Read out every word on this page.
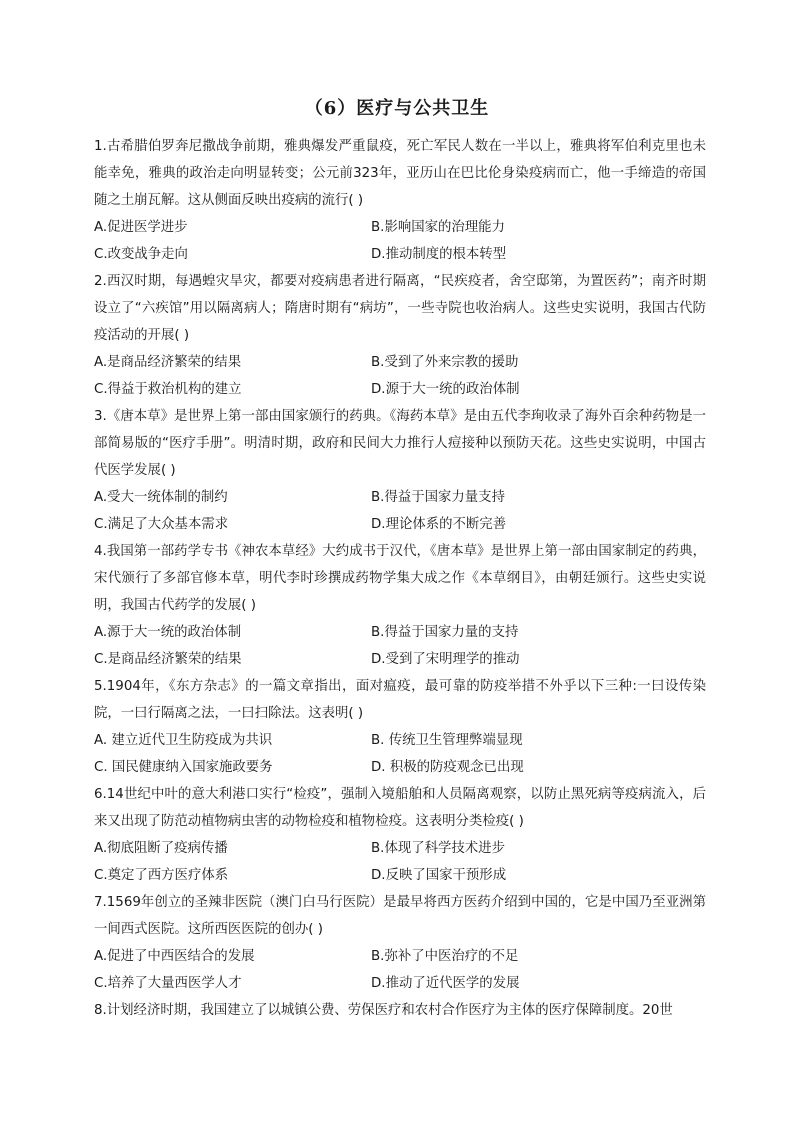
（6）医疗与公共卫生

1.古希腊伯罗奔尼撒战争前期，雅典爆发严重鼠疫，死亡军民人数在一半以上，雅典将军伯利克里也未能幸免，雅典的政治走向明显转变；公元前323年，亚历山在巴比伦身染疫病而亡，他一手缔造的帝国随之土崩瓦解。这从侧面反映出疫病的流行( )

A.促进医学进步	B.影响国家的治理能力
C.改变战争走向	D.推动制度的根本转型

2.西汉时期，每遇蝗灾旱灾，都要对疫病患者进行隔离，“民疾疫者，舍空邸第，为置医药”；南齐时期设立了“六疾馆”用以隔离病人；隋唐时期有“病坊”，一些寺院也收治病人。这些史实说明，我国古代防疫活动的开展( )

A.是商品经济繁荣的结果	B.受到了外来宗教的援助
C.得益于救治机构的建立	D.源于大一统的政治体制

3.《唐本草》是世界上第一部由国家颁行的药典。《海药本草》是由五代李珣收录了海外百余种药物是一部简易版的“医疗手册”。明清时期，政府和民间大力推行人痘接种以预防天花。这些史实说明，中国古代医学发展( )

A.受大一统体制的制约	B.得益于国家力量支持
C.满足了大众基本需求	D.理论体系的不断完善

4.我国第一部药学专书《神农本草经》大约成书于汉代，《唐本草》是世界上第一部由国家制定的药典，宋代颁行了多部官修本草，明代李时珍撰成药物学集大成之作《本草纲目》，由朝廷颁行。这些史实说明，我国古代药学的发展( )

A.源于大一统的政治体制	B.得益于国家力量的支持
C.是商品经济繁荣的结果	D.受到了宋明理学的推动

5.1904年，《东方杂志》的一篇文章指出，面对瘟疫，最可靠的防疫举措不外乎以下三种:一曰设传染院，一曰行隔离之法，一曰扫除法。这表明( )

A. 建立近代卫生防疫成为共识	B. 传统卫生管理弊端显现
C. 国民健康纳入国家施政要务	D. 积极的防疫观念已出现

6.14世纪中叶的意大利港口实行“检疫”，强制入境船舶和人员隔离观察，以防止黑死病等疫病流入，后来又出现了防范动植物病虫害的动物检疫和植物检疫。这表明分类检疫( )

A.彻底阻断了疫病传播	B.体现了科学技术进步
C.奠定了西方医疗体系	D.反映了国家干预形成

7.1569年创立的圣辣非医院（澳门白马行医院）是最早将西方医药介绍到中国的，它是中国乃至亚洲第一间西式医院。这所西医医院的创办( )

A.促进了中西医结合的发展	B.弥补了中医治疗的不足
C.培养了大量西医学人才	D.推动了近代医学的发展

8.计划经济时期，我国建立了以城镇公费、劳保医疗和农村合作医疗为主体的医疗保障制度。20世
